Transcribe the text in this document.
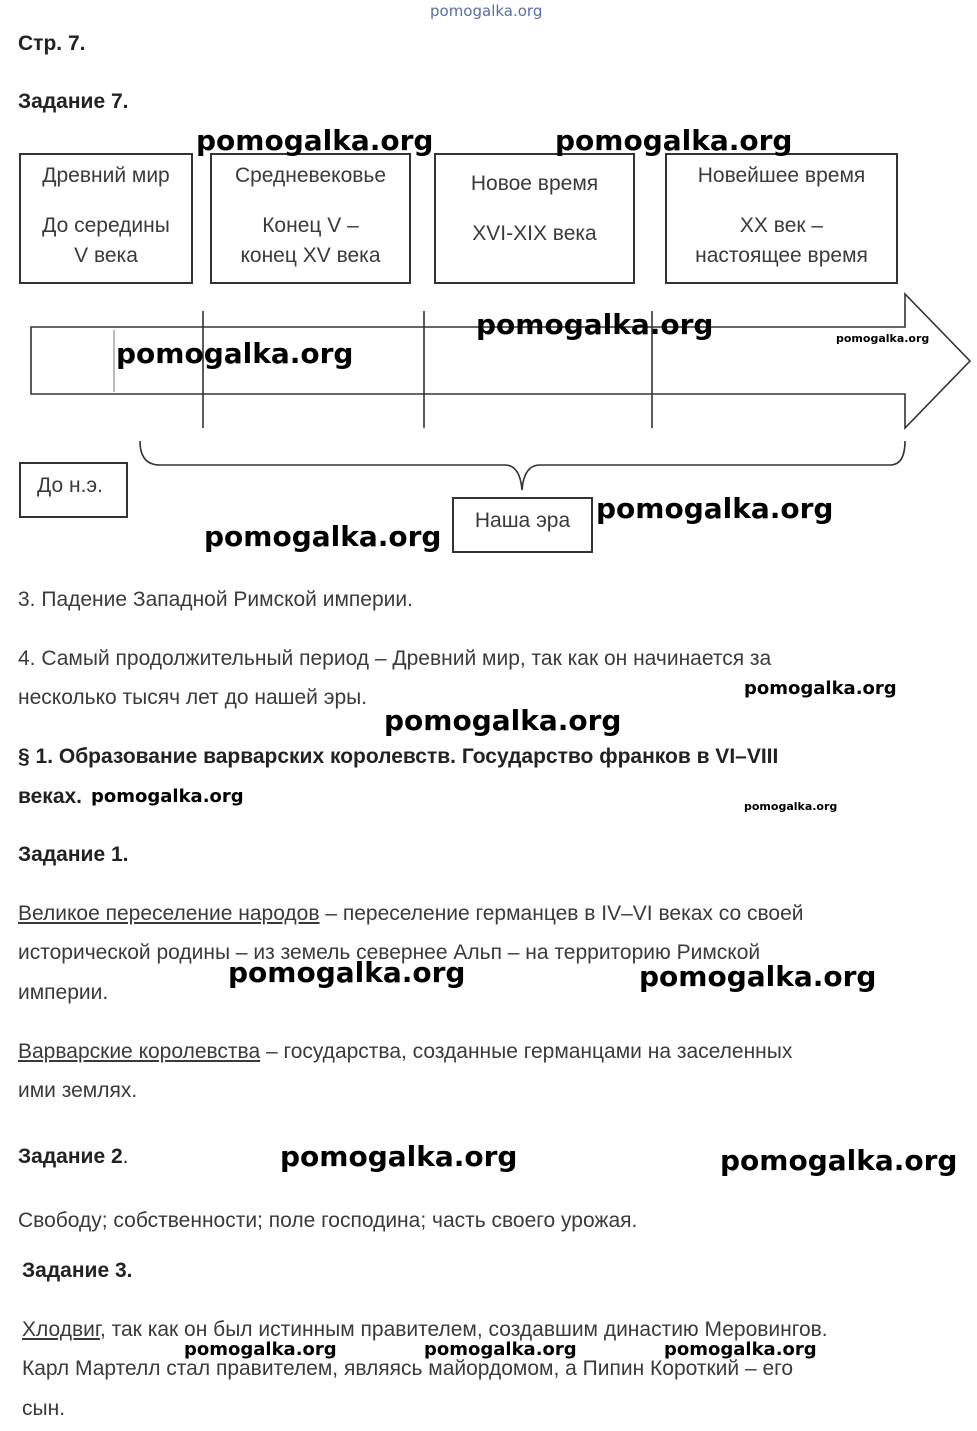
pomogalka.org
Стр. 7.
Задание 7.
Древний мир
До середины
V века
Средневековье
Конец V –
конец XV века
Новое время
XVI-XIX века
Новейшее время
XX век –
настоящее время
До н.э.
Наша эра
3. Падение Западной Римской империи.
4. Самый продолжительный период – Древний мир, так как он начинается за
несколько тысяч лет до нашей эры.
§ 1. Образование варварских королевств. Государство франков в VI–VIII
веках.
Задание 1.
Великое переселение народов – переселение германцев в IV–VI веках со своей
исторической родины – из земель севернее Альп – на территорию Римской
империи.
Варварские королевства – государства, созданные германцами на заселенных
ими землях.
Задание 2.
Свободу; собственности; поле господина; часть своего урожая.
Задание 3.
Хлодвиг, так как он был истинным правителем, создавшим династию Меровингов.
Карл Мартелл стал правителем, являясь майордомом, а Пипин Короткий – его
сын.
pomogalka.org	pomogalka.org
pomogalka.org
pomogalka.org	pomogalka.org
pomogalka.org
pomogalka.org
pomogalka.org
pomogalka.org
pomogalka.org	pomogalka.org
pomogalka.org	pomogalka.org
pomogalka.org	pomogalka.org
pomogalka.org	pomogalka.org	pomogalka.org
